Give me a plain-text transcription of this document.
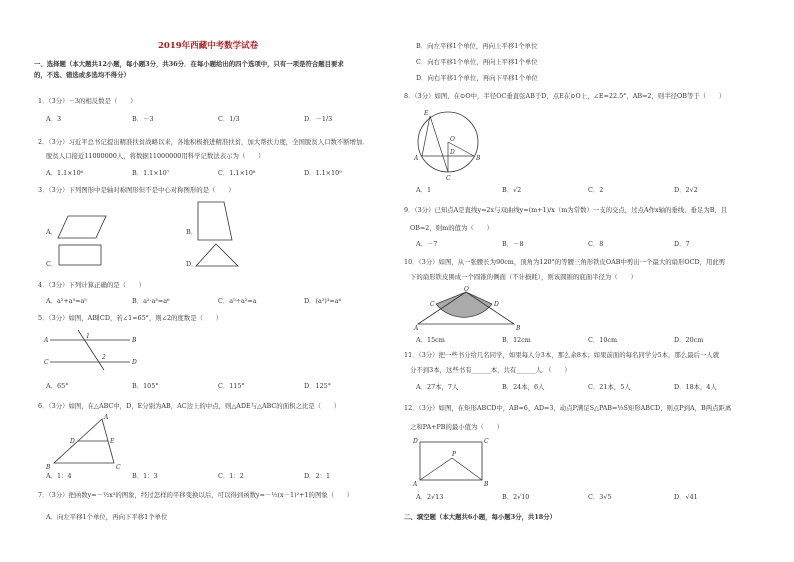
2019年西藏中考数学试卷
一、选择题（本大题共12小题，每小题3分，共36分．在每小题给出的四个选项中，只有一项是符合题目要求
的，不选、错选或多选均不得分）
1．（3分）－3的相反数是（　　）
A．3	B．－3	C．1/3	D．－1/3
2．（3分）习近平总书记提出精准扶贫战略以来，各地积极推进精准扶贫，加大帮扶力度，全国脱贫人口数不断增加．
脱贫人口接近11000000人，将数据11000000用科学记数法表示为（　　）
A．1.1×10⁶	B．1.1×10⁷	C．1.1×10⁸	D．1.1×10⁹
3．（3分）下列图形中是轴对称图形但不是中心对称图形的是（　　）
A．	B．
C．	D．
4．（3分）下列计算正确的是（　　）
A．a²+a³=a⁵	B．a²·a³=a⁶	C．a⁵÷a²=a	D．(a²)³=a⁶
5．（3分）如图，AB∥CD，若∠1=65°，则∠2的度数是（　　）
A	B
C	D
1
2
A．65°	B．105°	C．115°	D．125°
6．（3分）如图，在△ABC中，D，E分别为AB，AC边上的中点，则△ADE与△ABC的面积之比是（　　）
A
D	E
B	C
A．1：4	B．1：3	C．1：2	D．2：1
7．（3分）把函数y=－½x²的图象，经过怎样的平移变换以后，可以得到函数y=－½(x－1)²+1的图象（　　）
A．向左平移1个单位，再向下平移1个单位
B．向左平移1个单位，再向上平移1个单位
C．向右平移1个单位，再向上平移1个单位
D．向右平移1个单位，再向下平移1个单位
8．（3分）如图，在⊙O中，半径OC垂直弦AB于D，点E在⊙O上，∠E=22.5°，AB=2，则半径OB等于（　　）
E
O
D
A	B
C
A．1	B．√2	C．2	D．2√2
9．（3分）已知点A是直线y=2x与双曲线y=(m+1)/x（m为常数）一支的交点，过点A作x轴的垂线，垂足为B，且
OB=2，则m的值为（　　）
A．－7	B．－8	C．8	D．7
10．（3分）如图，从一张腰长为90cm，顶角为120°的等腰三角形铁皮OAB中剪出一个最大的扇形OCD，用此剪
下的扇形铁皮围成一个圆锥的侧面（不计损耗），则该圆锥的底面半径为（　　）
O
C	D
A	B
A．15cm	B．12cm	C．10cm	D．20cm
11．（3分）把一些书分给几名同学，如果每人分3本，那么余8本；如果前面的每名同学分5本，那么最后一人就
分不到3本，这些书有______本，共有______人．（　　）
A．27本，7人	B．24本，6人	C．21本，5人	D．18本，4人
12．（3分）如图，在矩形ABCD中，AB=6，AD=3，动点P满足S△PAB=⅓S矩形ABCD，则点P到A，B两点距离
之和PA+PB的最小值为（　　）
D	C
P
A	B
A．2√13	B．2√10	C．3√5	D．√41
二、填空题（本大题共6小题，每小题3分，共18分）
